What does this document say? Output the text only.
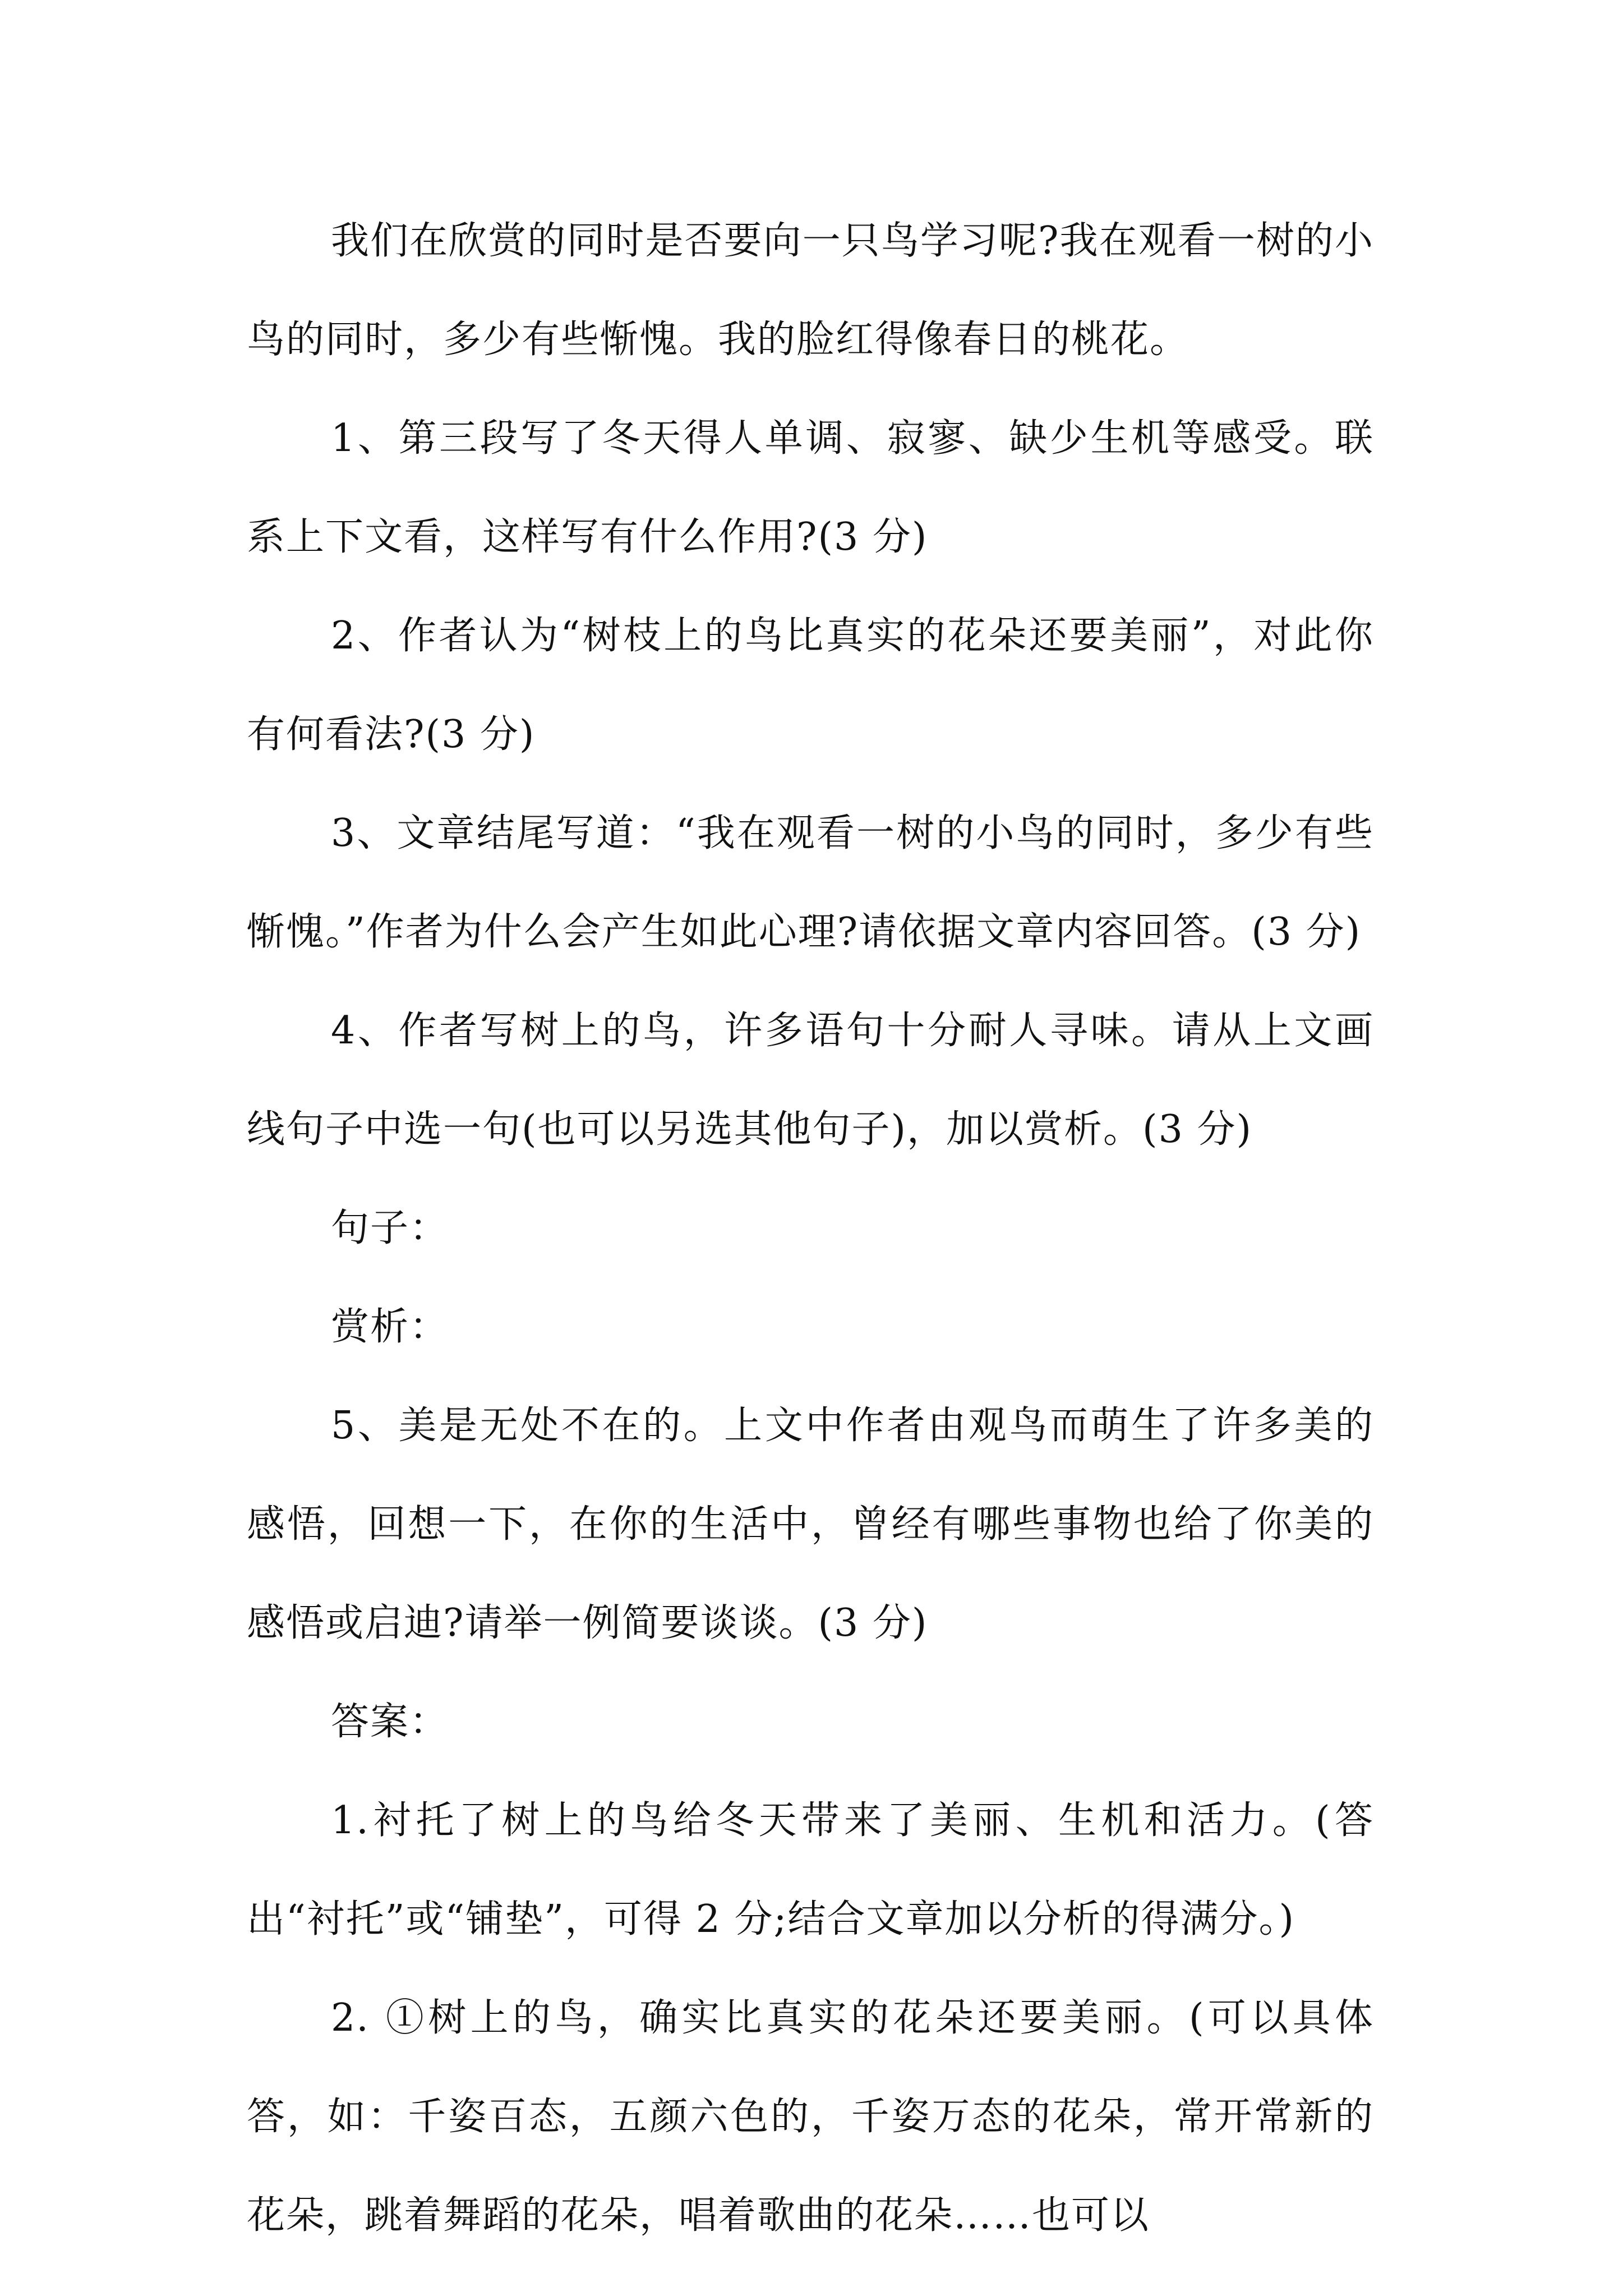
我们在欣赏的同时是否要向一只鸟学习呢?我在观看一树的小鸟的同时，多少有些惭愧。我的脸红得像春日的桃花。

1、第三段写了冬天得人单调、寂寥、缺少生机等感受。联系上下文看，这样写有什么作用?(3 分)

2、作者认为“树枝上的鸟比真实的花朵还要美丽”，对此你有何看法?(3 分)

3、文章结尾写道：“我在观看一树的小鸟的同时，多少有些惭愧。”作者为什么会产生如此心理?请依据文章内容回答。(3 分)

4、作者写树上的鸟，许多语句十分耐人寻味。请从上文画线句子中选一句(也可以另选其他句子)，加以赏析。(3 分)

句子：

赏析：

5、美是无处不在的。上文中作者由观鸟而萌生了许多美的感悟，回想一下，在你的生活中，曾经有哪些事物也给了你美的感悟或启迪?请举一例简要谈谈。(3 分)

答案：

1.衬托了树上的鸟给冬天带来了美丽、生机和活力。(答出“衬托”或“铺垫”，可得 2 分;结合文章加以分析的得满分。)

2. ①树上的鸟，确实比真实的花朵还要美丽。(可以具体答，如：千姿百态，五颜六色的，千姿万态的花朵，常开常新的花朵，跳着舞蹈的花朵，唱着歌曲的花朵……也可以
